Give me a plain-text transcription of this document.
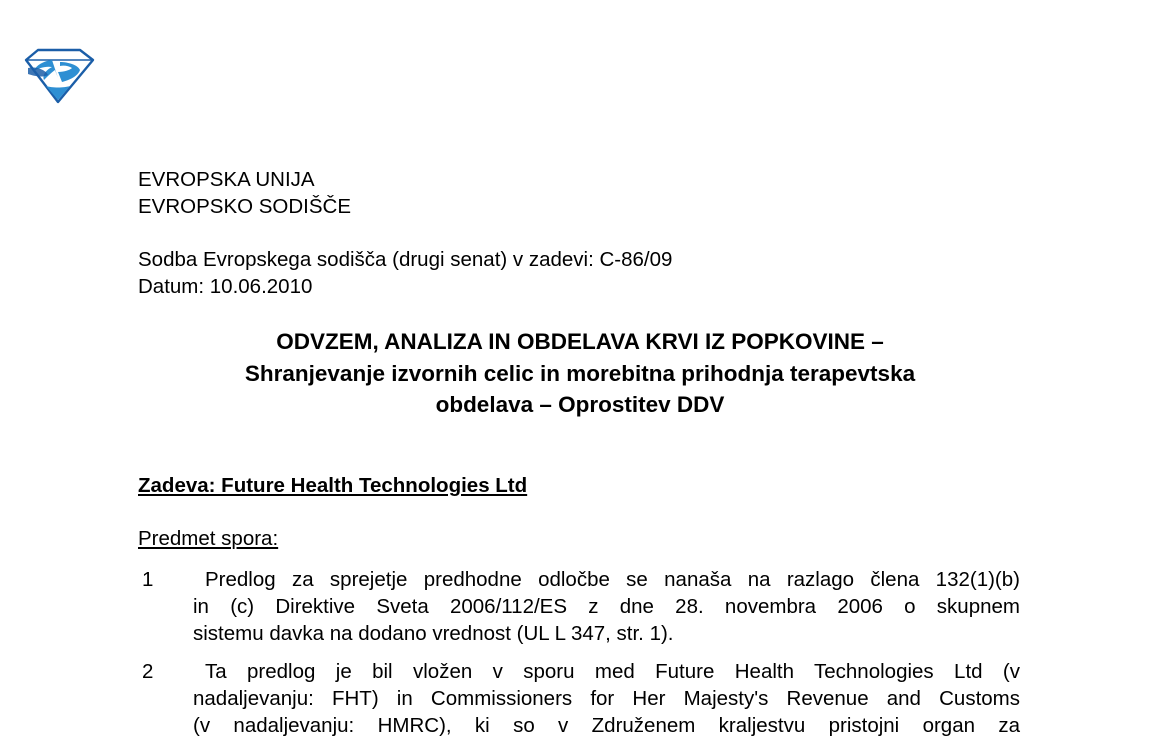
EVROPSKA UNIJA
EVROPSKO SODIŠČE
Sodba Evropskega sodišča (drugi senat) v zadevi: C-86/09
Datum: 10.06.2010
ODVZEM, ANALIZA IN OBDELAVA KRVI IZ POPKOVINE –
Shranjevanje izvornih celic in morebitna prihodnja terapevtska
obdelava – Oprostitev DDV
Zadeva: Future Health Technologies Ltd
Predmet spora:
1	Predlog za sprejetje predhodne odločbe se nanaša na razlago člena 132(1)(b)
in (c) Direktive Sveta 2006/112/ES z dne 28. novembra 2006 o skupnem
sistemu davka na dodano vrednost (UL L 347, str. 1).
2	Ta predlog je bil vložen v sporu med Future Health Technologies Ltd (v
nadaljevanju: FHT) in Commissioners for Her Majesty's Revenue and Customs
(v nadaljevanju: HMRC), ki so v Združenem kraljestvu pristojni organ za
